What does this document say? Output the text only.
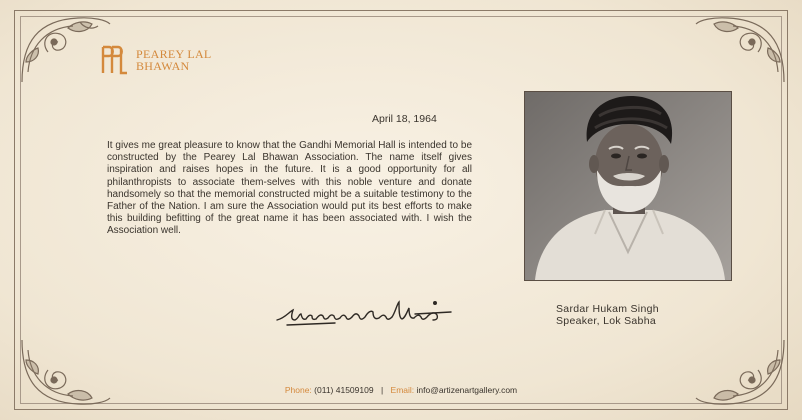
PEAREY LAL
BHAWAN
April 18, 1964

It gives me great pleasure to know that the Gandhi Memorial Hall is intended to be constructed by the Pearey Lal Bhawan Association. The name itself gives inspiration and raises hopes in the future. It is a good opportunity for all philanthropists to associate them-selves with this noble venture and donate handsomely so that the memorial constructed might be a suitable testimony to the Father of the Nation. I am sure the Association would put its best efforts to make this building befitting of the great name it has been associated with. I wish the Association well.

Sardar Hukam Singh
Speaker, Lok Sabha
Phone: (011) 41509109 | Email: info@artizenartgallery.com
